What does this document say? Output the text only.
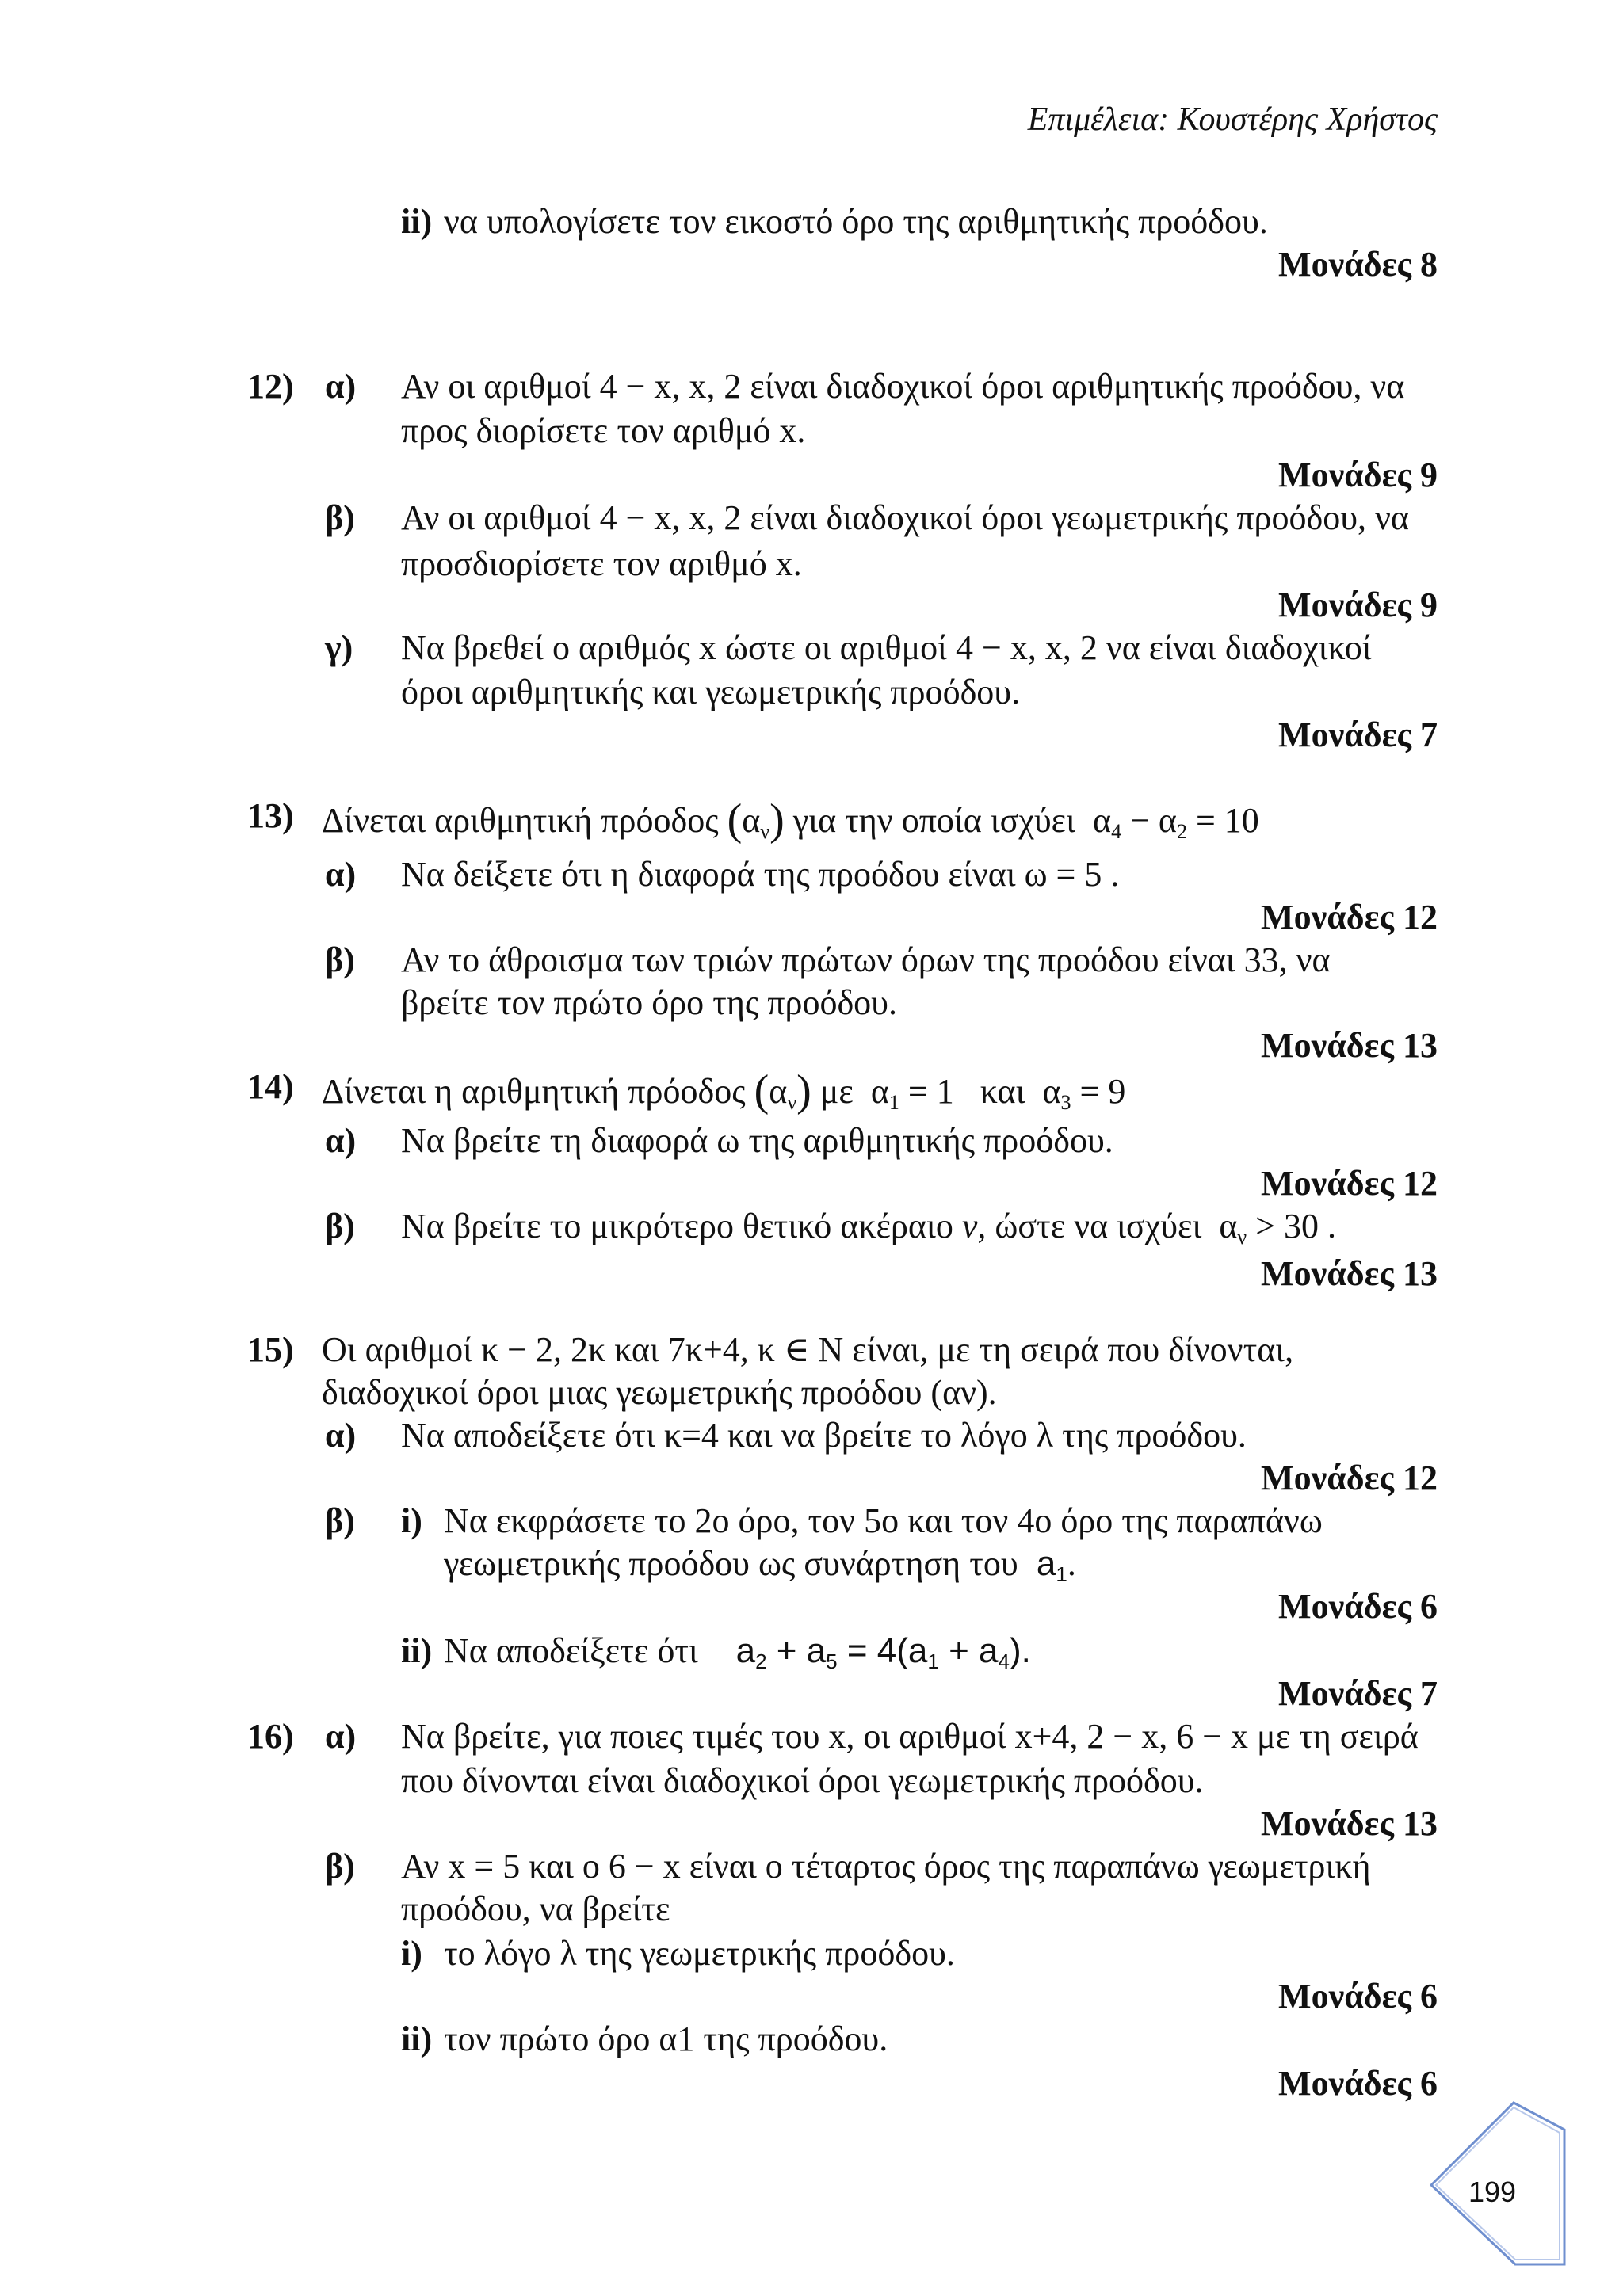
Επιμέλεια: Κουστέρης Χρήστος
ii) να υπολογίσετε τον εικοστό όρο της αριθμητικής προόδου.
Μονάδες 8
12) α) Αν οι αριθμοί 4 − x, x, 2 είναι διαδοχικοί όροι αριθμητικής προόδου, να
προς διορίσετε τον αριθμό x.
Μονάδες 9
β) Αν οι αριθμοί 4 − x, x, 2 είναι διαδοχικοί όροι γεωμετρικής προόδου, να
προσδιορίσετε τον αριθμό x.
Μονάδες 9
γ) Να βρεθεί ο αριθμός x ώστε οι αριθμοί 4 − x, x, 2 να είναι διαδοχικοί
όροι αριθμητικής και γεωμετρικής προόδου.
Μονάδες 7
13) Δίνεται αριθμητική πρόοδος $(\alpha_\nu)$ για την οποία ισχύει  $\alpha_4 - \alpha_2 = 10$
α) Να δείξετε ότι η διαφορά της προόδου είναι ω = 5 .
Μονάδες 12
β) Αν το άθροισμα των τριών πρώτων όρων της προόδου είναι 33, να
βρείτε τον πρώτο όρο της προόδου.
Μονάδες 13
14) Δίνεται η αριθμητική πρόοδος $(\alpha_\nu)$ με  $\alpha_1 = 1$   και  $\alpha_3 = 9$
α) Να βρείτε τη διαφορά ω της αριθμητικής προόδου.
Μονάδες 12
β) Να βρείτε το μικρότερο θετικό ακέραιο ν, ώστε να ισχύει  $\alpha_\nu > 30$ .
Μονάδες 13
15) Οι αριθμοί κ − 2, 2κ και 7κ+4, κ ∈ N είναι, με τη σειρά που δίνονται,
διαδοχικοί όροι μιας γεωμετρικής προόδου (αν).
α) Να αποδείξετε ότι κ=4 και να βρείτε το λόγο λ της προόδου.
Μονάδες 12
β) i) Να εκφράσετε το 2ο όρο, τον 5ο και τον 4ο όρο της παραπάνω
γεωμετρικής προόδου ως συνάρτηση του  $a_1$.
Μονάδες 6
ii) Να αποδείξετε ότι    $a_2 + a_5 = 4(a_1 + a_4)$.
Μονάδες 7
16) α) Να βρείτε, για ποιες τιμές του x, οι αριθμοί x+4, 2 − x, 6 − x με τη σειρά
που δίνονται είναι διαδοχικοί όροι γεωμετρικής προόδου.
Μονάδες 13
β) Αν x = 5 και ο 6 − x είναι ο τέταρτος όρος της παραπάνω γεωμετρική
προόδου, να βρείτε
i) το λόγο λ της γεωμετρικής προόδου.
Μονάδες 6
ii) τον πρώτο όρο α1 της προόδου.
Μονάδες 6
199
